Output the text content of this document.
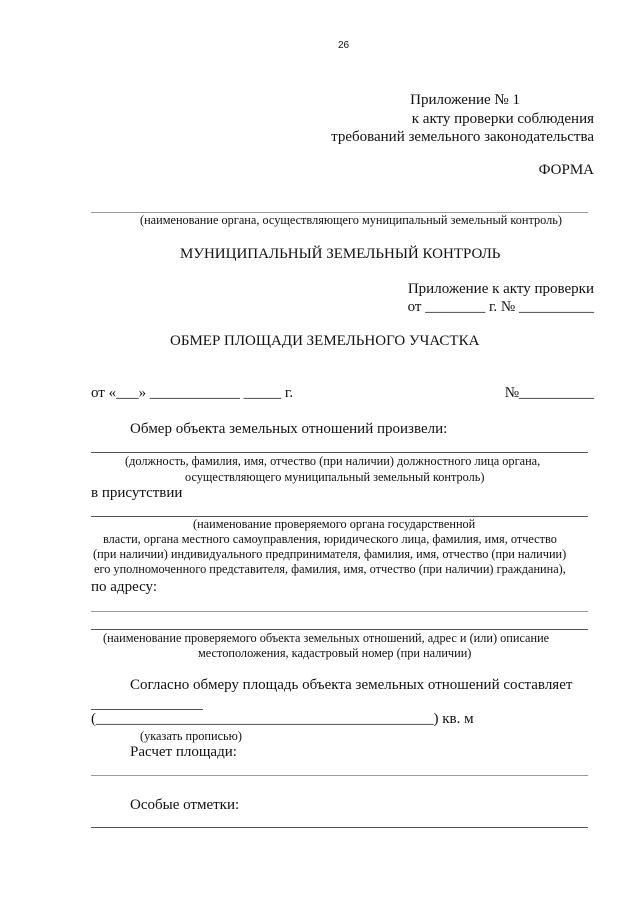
26
Приложение № 1
к акту проверки соблюдения
требований земельного законодательства
ФОРМА
(наименование органа, осуществляющего муниципальный земельный контроль)
МУНИЦИПАЛЬНЫЙ ЗЕМЕЛЬНЫЙ КОНТРОЛЬ
Приложение к акту проверки
от ________ г. № __________
ОБМЕР ПЛОЩАДИ ЗЕМЕЛЬНОГО УЧАСТКА
от «___» ____________ _____ г.	№__________
Обмер объекта земельных отношений произвели:
(должность, фамилия, имя, отчество (при наличии) должностного лица органа,
осуществляющего муниципальный земельный контроль)
в присутствии
(наименование проверяемого органа государственной
власти, органа местного самоуправления, юридического лица, фамилия, имя, отчество
(при наличии) индивидуального предпринимателя, фамилия, имя, отчество (при наличии)
его уполномоченного представителя, фамилия, имя, отчество (при наличии) гражданина),
по адресу:
(наименование проверяемого объекта земельных отношений, адрес и (или) описание
местоположения, кадастровый номер (при наличии)
Согласно обмеру площадь объекта земельных отношений составляет
(_____________________________________________) кв. м
(указать прописью)
Расчет площади:
Особые отметки:
